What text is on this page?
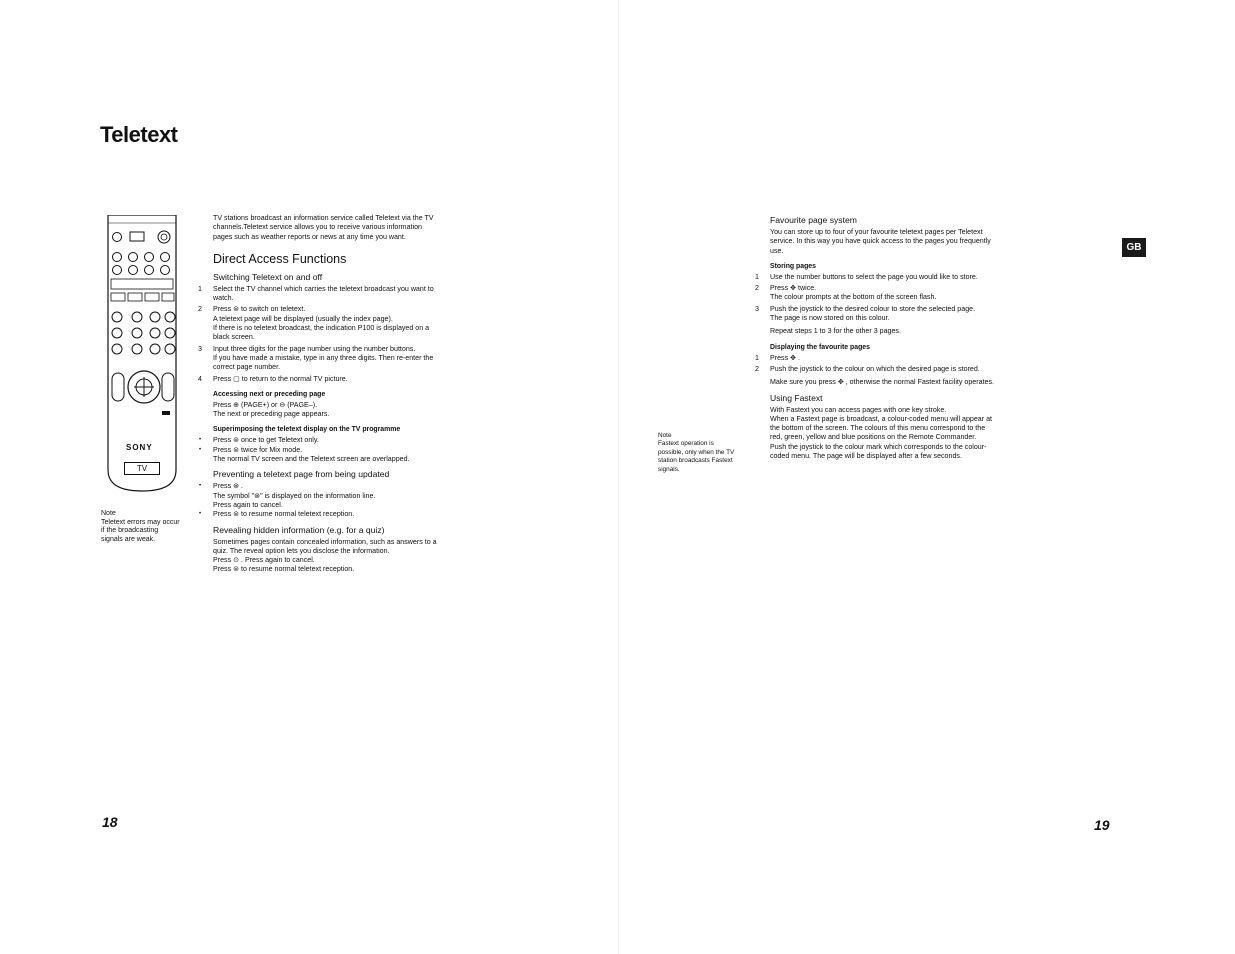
Teletext
SONY
TV

Note

Teletext errors may occur if the broadcasting signals are weak.

TV stations broadcast an information service called Teletext via the TV channels.Teletext service allows you to receive various information pages such as weather reports or news at any time you want.

Direct Access Functions
Switching Teletext on and off
1 Select the TV channel which carries the teletext broadcast you want to watch.

2 Press ⊜ to switch on teletext.

A teletext page will be displayed (usually the index page).

If there is no teletext broadcast, the indication P100 is displayed on a black screen.

3 Input three digits for the page number using the number buttons.

If you have made a mistake, type in any three digits. Then re-enter the correct page number.

4 Press ▢ to return to the normal TV picture.

Accessing next or preceding page

Press ⊕ (PAGE+) or ⊖ (PAGE–).

The next or preceding page appears.

Superimposing the teletext display on the TV programme

• Press ⊜ once to get Teletext only.

• Press ⊜ twice for Mix mode.

The normal TV screen and the Teletext screen are overlapped.

Preventing a teletext page from being updated

• Press ⊛ .

The symbol "⊛" is displayed on the information line.

Press again to cancel.

• Press ⊜ to resume normal teletext reception.

Revealing hidden information (e.g. for a quiz)

Sometimes pages contain concealed information, such as answers to a quiz. The reveal option lets you disclose the information.

Press ⊙ . Press again to cancel.

Press ⊜ to resume normal teletext reception.

Note

Fastext operation is possible, only when the TV station broadcasts Fastext signals.

Favourite page system

You can store up to four of your favourite teletext pages per Teletext service. In this way you have quick access to the pages you frequently use.

Storing pages
1 Use the number buttons to select the page you would like to store.

2 Press ✥ twice.

The colour prompts at the bottom of the screen flash.

3 Push the joystick to the desired colour to store the selected page.

The page is now stored on this colour.

Repeat steps 1 to 3 for the other 3 pages.

Displaying the favourite pages
1 Press ✥ .

2 Push the joystick to the colour on which the desired page is stored.

Make sure you press ✥ , otherwise the normal Fastext facility operates.

Using Fastext

With Fastext you can access pages with one key stroke.

When a Fastext page is broadcast, a colour-coded menu will appear at the bottom of the screen. The colours of this menu correspond to the red, green, yellow and blue positions on the Remote Commander.

Push the joystick to the colour mark which corresponds to the colour-coded menu. The page will be displayed after a few seconds.

GB
18	19
